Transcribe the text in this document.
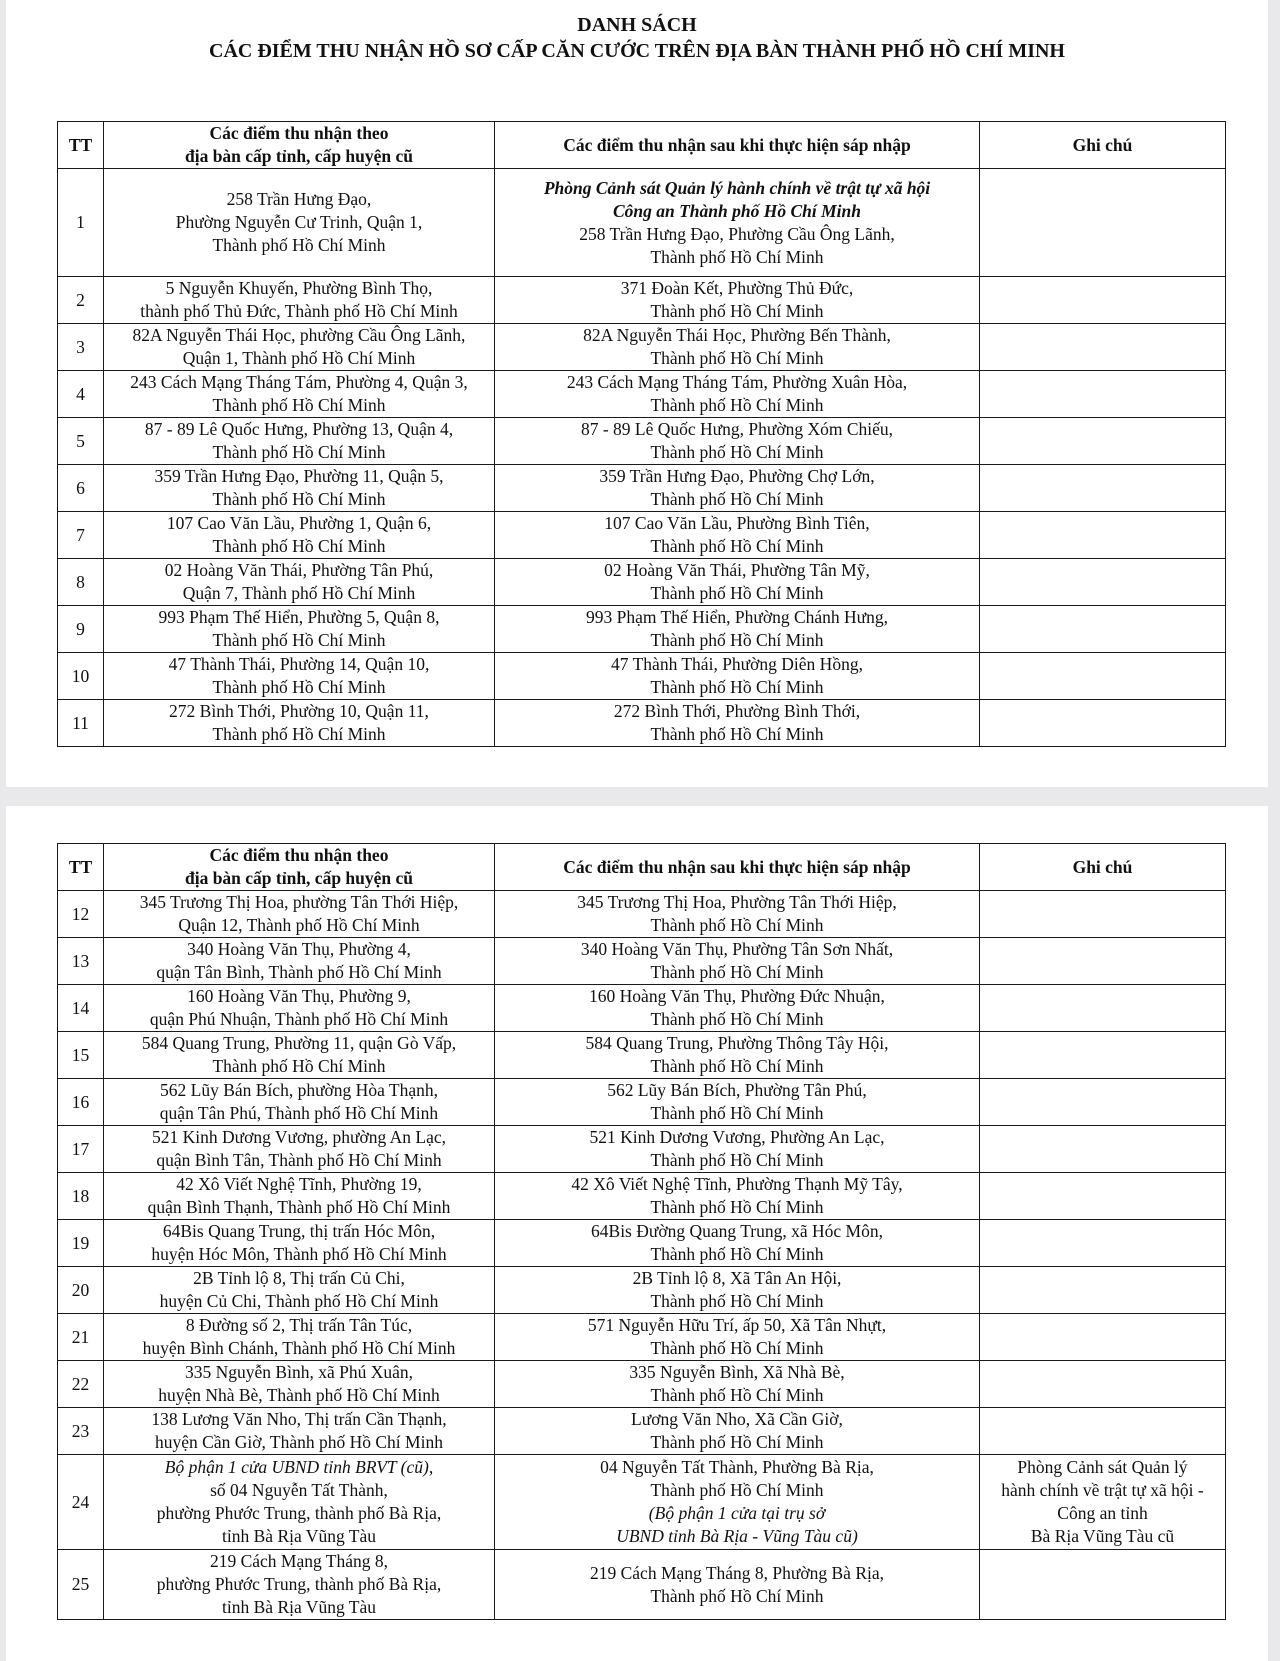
DANH SÁCH
CÁC ĐIỂM THU NHẬN HỒ SƠ CẤP CĂN CƯỚC TRÊN ĐỊA BÀN THÀNH PHỐ HỒ CHÍ MINH
TT	Các điểm thu nhận theo
địa bàn cấp tỉnh, cấp huyện cũ	Các điểm thu nhận sau khi thực hiện sáp nhập	Ghi chú
1	258 Trần Hưng Đạo,
Phường Nguyễn Cư Trinh, Quận 1,
Thành phố Hồ Chí Minh	Phòng Cảnh sát Quản lý hành chính về trật tự xã hội
Công an Thành phố Hồ Chí Minh
258 Trần Hưng Đạo, Phường Cầu Ông Lãnh,
Thành phố Hồ Chí Minh	

2	5 Nguyễn Khuyến, Phường Bình Thọ,
thành phố Thủ Đức, Thành phố Hồ Chí Minh	371 Đoàn Kết, Phường Thủ Đức,
Thành phố Hồ Chí Minh	

3	82A Nguyễn Thái Học, phường Cầu Ông Lãnh,
Quận 1, Thành phố Hồ Chí Minh	82A Nguyễn Thái Học, Phường Bến Thành,
Thành phố Hồ Chí Minh	

4	243 Cách Mạng Tháng Tám, Phường 4, Quận 3,
Thành phố Hồ Chí Minh	243 Cách Mạng Tháng Tám, Phường Xuân Hòa,
Thành phố Hồ Chí Minh	

5	87 - 89 Lê Quốc Hưng, Phường 13, Quận 4,
Thành phố Hồ Chí Minh	87 - 89 Lê Quốc Hưng, Phường Xóm Chiếu,
Thành phố Hồ Chí Minh	

6	359 Trần Hưng Đạo, Phường 11, Quận 5,
Thành phố Hồ Chí Minh	359 Trần Hưng Đạo, Phường Chợ Lớn,
Thành phố Hồ Chí Minh	

7	107 Cao Văn Lầu, Phường 1, Quận 6,
Thành phố Hồ Chí Minh	107 Cao Văn Lầu, Phường Bình Tiên,
Thành phố Hồ Chí Minh	

8	02 Hoàng Văn Thái, Phường Tân Phú,
Quận 7, Thành phố Hồ Chí Minh	02 Hoàng Văn Thái, Phường Tân Mỹ,
Thành phố Hồ Chí Minh	

9	993 Phạm Thế Hiển, Phường 5, Quận 8,
Thành phố Hồ Chí Minh	993 Phạm Thế Hiển, Phường Chánh Hưng,
Thành phố Hồ Chí Minh	

10	47 Thành Thái, Phường 14, Quận 10,
Thành phố Hồ Chí Minh	47 Thành Thái, Phường Diên Hồng,
Thành phố Hồ Chí Minh	

11	272 Bình Thới, Phường 10, Quận 11,
Thành phố Hồ Chí Minh	272 Bình Thới, Phường Bình Thới,
Thành phố Hồ Chí Minh	

TT	Các điểm thu nhận theo
địa bàn cấp tỉnh, cấp huyện cũ	Các điểm thu nhận sau khi thực hiện sáp nhập	Ghi chú
12	345 Trương Thị Hoa, phường Tân Thới Hiệp,
Quận 12, Thành phố Hồ Chí Minh	345 Trương Thị Hoa, Phường Tân Thới Hiệp,
Thành phố Hồ Chí Minh	

13	340 Hoàng Văn Thụ, Phường 4,
quận Tân Bình, Thành phố Hồ Chí Minh	340 Hoàng Văn Thụ, Phường Tân Sơn Nhất,
Thành phố Hồ Chí Minh	

14	160 Hoàng Văn Thụ, Phường 9,
quận Phú Nhuận, Thành phố Hồ Chí Minh	160 Hoàng Văn Thụ, Phường Đức Nhuận,
Thành phố Hồ Chí Minh	

15	584 Quang Trung, Phường 11, quận Gò Vấp,
Thành phố Hồ Chí Minh	584 Quang Trung, Phường Thông Tây Hội,
Thành phố Hồ Chí Minh	

16	562 Lũy Bán Bích, phường Hòa Thạnh,
quận Tân Phú, Thành phố Hồ Chí Minh	562 Lũy Bán Bích, Phường Tân Phú,
Thành phố Hồ Chí Minh	

17	521 Kinh Dương Vương, phường An Lạc,
quận Bình Tân, Thành phố Hồ Chí Minh	521 Kinh Dương Vương, Phường An Lạc,
Thành phố Hồ Chí Minh	

18	42 Xô Viết Nghệ Tĩnh, Phường 19,
quận Bình Thạnh, Thành phố Hồ Chí Minh	42 Xô Viết Nghệ Tĩnh, Phường Thạnh Mỹ Tây,
Thành phố Hồ Chí Minh	

19	64Bis Quang Trung, thị trấn Hóc Môn,
huyện Hóc Môn, Thành phố Hồ Chí Minh	64Bis Đường Quang Trung, xã Hóc Môn,
Thành phố Hồ Chí Minh	

20	2B Tỉnh lộ 8, Thị trấn Củ Chi,
huyện Củ Chi, Thành phố Hồ Chí Minh	2B Tỉnh lộ 8, Xã Tân An Hội,
Thành phố Hồ Chí Minh	

21	8 Đường số 2, Thị trấn Tân Túc,
huyện Bình Chánh, Thành phố Hồ Chí Minh	571 Nguyễn Hữu Trí, ấp 50, Xã Tân Nhựt,
Thành phố Hồ Chí Minh	

22	335 Nguyễn Bình, xã Phú Xuân,
huyện Nhà Bè, Thành phố Hồ Chí Minh	335 Nguyễn Bình, Xã Nhà Bè,
Thành phố Hồ Chí Minh	

23	138 Lương Văn Nho, Thị trấn Cần Thạnh,
huyện Cần Giờ, Thành phố Hồ Chí Minh	Lương Văn Nho, Xã Cần Giờ,
Thành phố Hồ Chí Minh	

24	Bộ phận 1 cửa UBND tỉnh BRVT (cũ),
số 04 Nguyễn Tất Thành,
phường Phước Trung, thành phố Bà Rịa,
tỉnh Bà Rịa Vũng Tàu	04 Nguyễn Tất Thành, Phường Bà Rịa,
Thành phố Hồ Chí Minh
(Bộ phận 1 cửa tại trụ sở
UBND tỉnh Bà Rịa - Vũng Tàu cũ)	Phòng Cảnh sát Quản lý
hành chính về trật tự xã hội -
Công an tỉnh
Bà Rịa Vũng Tàu cũ

25	219 Cách Mạng Tháng 8,
phường Phước Trung, thành phố Bà Rịa,
tỉnh Bà Rịa Vũng Tàu	219 Cách Mạng Tháng 8, Phường Bà Rịa,
Thành phố Hồ Chí Minh	
